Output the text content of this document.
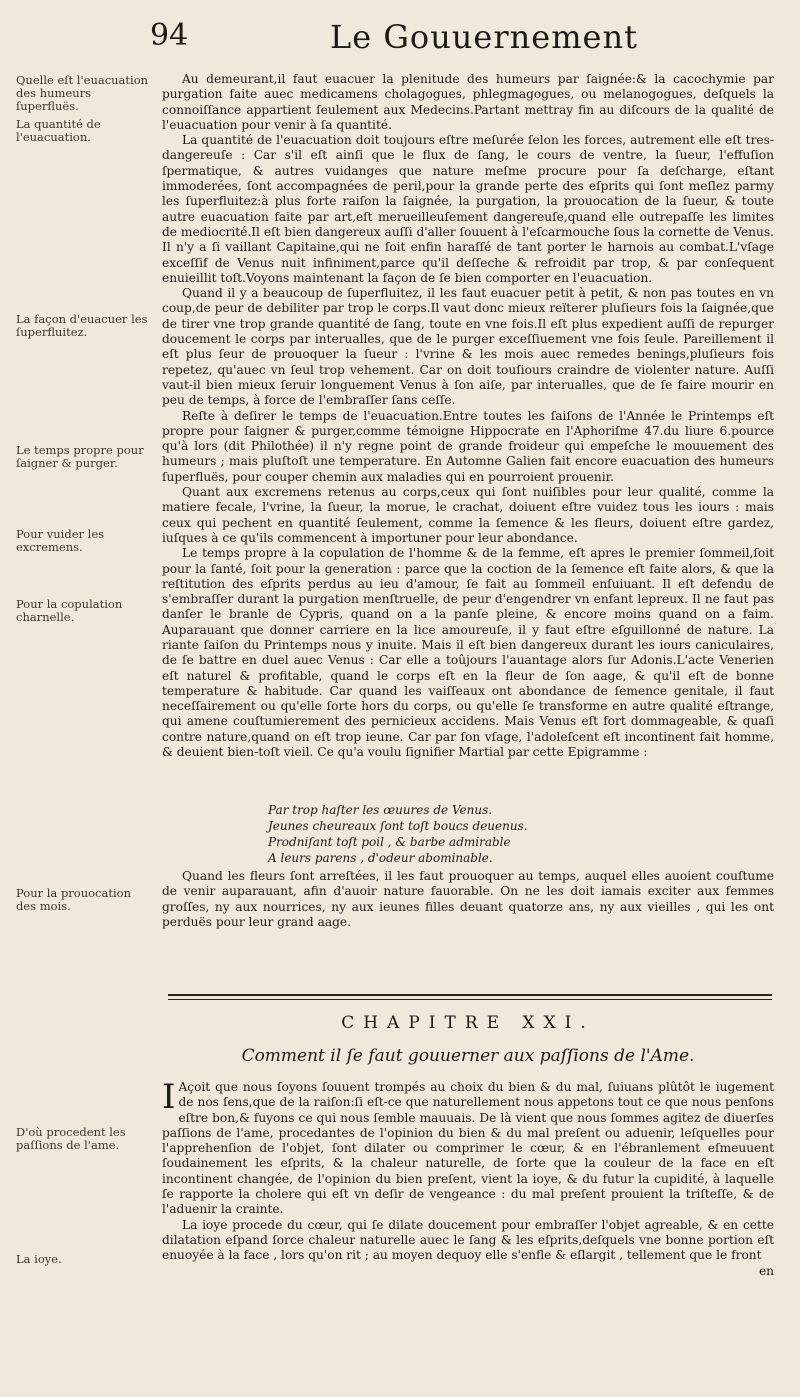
94	Le Gouuernement
Quelle eſt l'euacuation des humeurs ſuperfluës.
La quantité de l'euacuation.
La façon d'euacuer les ſuperfluitez.
Le temps propre pour ſaigner & purger.
Pour vuider les excremens.
Pour la copulation charnelle.
Pour la prouocation des mois.
D'où procedent les paſſions de l'ame.
La ioye.

Au demeurant,il faut euacuer la plenitude des humeurs par ſaignée:& la cacochymie par purgation faite auec medicamens cholagogues, phlegmagogues, ou melanogogues, deſquels la connoiſſance appartient ſeulement aux Medecins.Partant mettray fin au diſcours de la qualité de l'euacuation pour venir à ſa quantité.

La quantité de l'euacuation doit toujours eſtre meſurée ſelon les forces, autrement elle eſt tres-dangereuſe : Car s'il eſt ainſi que le flux de ſang, le cours de ventre, la ſueur, l'effuſion ſpermatique, & autres vuidanges que nature meſme procure pour ſa deſcharge, eſtant immoderées, ſont accompagnées de peril,pour la grande perte des eſprits qui ſont meſlez parmy les ſuperfluitez:à plus forte raiſon la ſaignée, la purgation, la prouocation de la ſueur, & toute autre euacuation faite par art,eſt merueilleuſement dangereuſe,quand elle outrepaſſe les limites de mediocrité.Il eſt bien dangereux auſſi d'aller ſouuent à l'eſcarmouche ſous la cornette de Venus. Il n'y a ſi vaillant Capitaine,qui ne ſoit enfin haraſſé de tant porter le harnois au combat.L'vſage exceſſif de Venus nuit infiniment,parce qu'il deſſeche & refroidit par trop, & par conſequent enuieillit toſt.Voyons maintenant la façon de ſe bien comporter en l'euacuation.

Quand il y a beaucoup de ſuperfluitez, il les faut euacuer petit à petit, & non pas toutes en vn coup,de peur de debiliter par trop le corps.Il vaut donc mieux reïterer pluſieurs fois la ſaignée,que de tirer vne trop grande quantité de ſang, toute en vne fois.Il eſt plus expedient auſſi de repurger doucement le corps par interualles, que de le purger exceſſiuement vne fois ſeule. Pareillement il eſt plus ſeur de prouoquer la ſueur : l'vrine & les mois auec remedes benings,pluſieurs fois repetez, qu'auec vn ſeul trop vehement. Car on doit touſiours craindre de violenter nature. Auſſi vaut-il bien mieux ſeruir longuement Venus à ſon aiſe, par interualles, que de ſe faire mourir en peu de temps, à force de l'embraſſer ſans ceſſe.

Reſte à deſirer le temps de l'euacuation.Entre toutes les ſaiſons de l'Année le Printemps eſt propre pour ſaigner & purger,comme témoigne Hippocrate en l'Aphoriſme 47.du liure 6.pource qu'à lors (dit Philothée) il n'y regne point de grande froideur qui empeſche le mouuement des humeurs ; mais pluſtoſt une temperature. En Automne Galien fait encore euacuation des humeurs ſuperfluës, pour couper chemin aux maladies qui en pourroient prouenir.

Quant aux excremens retenus au corps,ceux qui ſont nuiſibles pour leur qualité, comme la matiere fecale, l'vrine, la ſueur, la morue, le crachat, doiuent eſtre vuidez tous les iours : mais ceux qui pechent en quantité ſeulement, comme la ſemence & les fleurs, doiuent eſtre gardez, iuſques à ce qu'ils commencent à importuner pour leur abondance.

Le temps propre à la copulation de l'homme & de la femme, eſt apres le premier ſommeil,ſoit pour la ſanté, ſoit pour la generation : parce que la coction de la ſemence eſt faite alors, & que la reſtitution des eſprits perdus au ieu d'amour, ſe fait au ſommeil enſuiuant. Il eſt defendu de s'embraſſer durant la purgation menſtruelle, de peur d'engendrer vn enfant lepreux. Il ne faut pas danſer le branle de Cypris, quand on a la panſe pleine, & encore moins quand on a faim. Auparauant que donner carriere en la lice amoureuſe, il y faut eſtre eſguillonné de nature. La riante ſaiſon du Printemps nous y inuite. Mais il eſt bien dangereux durant les iours caniculaires, de ſe battre en duel auec Venus : Car elle a toûjours l'auantage alors ſur Adonis.L'acte Venerien eſt naturel & profitable, quand le corps eſt en la fleur de ſon aage, & qu'il eſt de bonne temperature & habitude. Car quand les vaiſſeaux ont abondance de ſemence genitale, il faut neceſſairement ou qu'elle ſorte hors du corps, ou qu'elle ſe transforme en autre qualité eſtrange, qui amene couſtumierement des pernicieux accidens. Mais Venus eſt fort dommageable, & quaſi contre nature,quand on eſt trop ieune. Car par ſon vſage, l'adoleſcent eſt incontinent fait homme, & deuient bien-toſt vieil. Ce qu'a voulu ſignifier Martial par cette Epigramme :

Par trop haſter les œuures de Venus.
Jeunes cheureaux ſont toſt boucs deuenus.
Prodniſant toſt poil , & barbe admirable
A leurs parens , d'odeur abominable.

Quand les fleurs ſont arreſtées, il les faut prouoquer au temps, auquel elles auoient couſtume de venir auparauant, afin d'auoir nature fauorable. On ne les doit iamais exciter aux femmes groſſes, ny aux nourrices, ny aux ieunes filles deuant quatorze ans, ny aux vieilles , qui les ont perduës pour leur grand aage.

CHAPITRE XXI.
Comment il ſe faut gouuerner aux paſſions de l'Ame.

I Açoit que nous ſoyons ſouuent trompés au choix du bien & du mal, ſuiuans plûtôt le iugement de nos ſens,que de la raiſon:ſi eſt-ce que naturellement nous appetons tout ce que nous penſons eſtre bon,& fuyons ce qui nous ſemble mauuais. De là vient que nous ſommes agitez de diuerſes paſſions de l'ame, procedantes de l'opinion du bien & du mal preſent ou aduenir, leſquelles pour l'apprehenſion de l'objet, ſont dilater ou comprimer le cœur, & en l'ébranlement eſmeuuent ſoudainement les eſprits, & la chaleur naturelle, de ſorte que la couleur de la face en eſt incontinent changée, de l'opinion du bien preſent, vient la ioye, & du futur la cupidité, à laquelle ſe rapporte la cholere qui eſt vn deſir de vengeance : du mal preſent prouient la triſteſſe, & de l'aduenir la crainte.

La ioye procede du cœur, qui ſe dilate doucement pour embraſſer l'objet agreable, & en cette dilatation eſpand ſorce chaleur naturelle auec le ſang & les eſprits,deſquels vne bonne portion eſt enuoyée à la face , lors qu'on rit ; au moyen dequoy elle s'enfle & eſlargit , tellement que le front

en
